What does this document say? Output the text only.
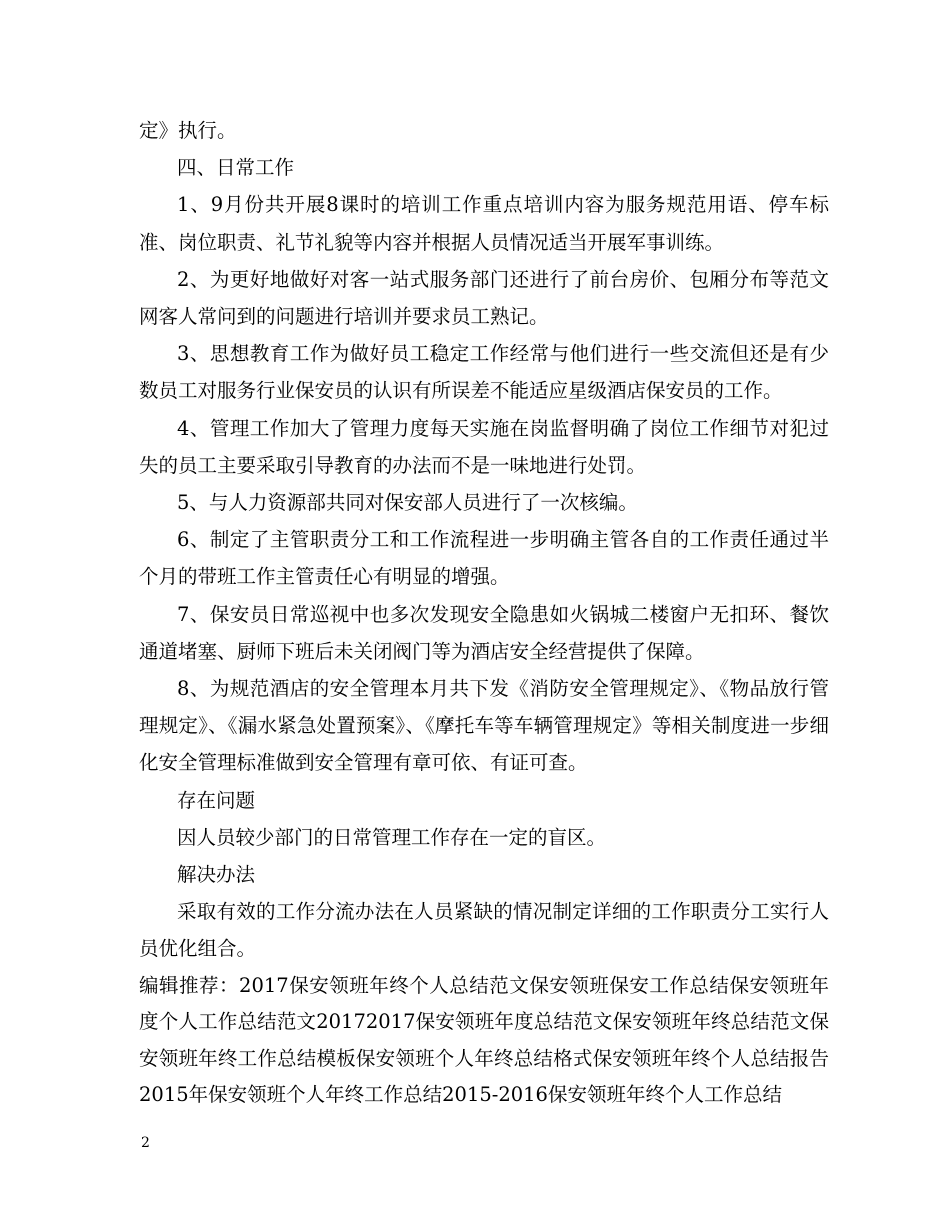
定》执行。

四、日常工作

1、9月份共开展8课时的培训工作重点培训内容为服务规范用语、停车标准、岗位职责、礼节礼貌等内容并根据人员情况适当开展军事训练。

2、为更好地做好对客一站式服务部门还进行了前台房价、包厢分布等范文网客人常问到的问题进行培训并要求员工熟记。

3、思想教育工作为做好员工稳定工作经常与他们进行一些交流但还是有少数员工对服务行业保安员的认识有所误差不能适应星级酒店保安员的工作。

4、管理工作加大了管理力度每天实施在岗监督明确了岗位工作细节对犯过失的员工主要采取引导教育的办法而不是一味地进行处罚。

5、与人力资源部共同对保安部人员进行了一次核编。

6、制定了主管职责分工和工作流程进一步明确主管各自的工作责任通过半个月的带班工作主管责任心有明显的增强。

7、保安员日常巡视中也多次发现安全隐患如火锅城二楼窗户无扣环、餐饮通道堵塞、厨师下班后未关闭阀门等为酒店安全经营提供了保障。

8、为规范酒店的安全管理本月共下发《消防安全管理规定》、《物品放行管理规定》、《漏水紧急处置预案》、《摩托车等车辆管理规定》等相关制度进一步细化安全管理标准做到安全管理有章可依、有证可查。

存在问题

因人员较少部门的日常管理工作存在一定的盲区。

解决办法

采取有效的工作分流办法在人员紧缺的情况制定详细的工作职责分工实行人员优化组合。

编辑推荐：2017保安领班年终个人总结范文保安领班保安工作总结保安领班年度个人工作总结范文20172017保安领班年度总结范文保安领班年终总结范文保安领班年终工作总结模板保安领班个人年终总结格式保安领班年终个人总结报告2015年保安领班个人年终工作总结2015-2016保安领班年终个人工作总结

2
